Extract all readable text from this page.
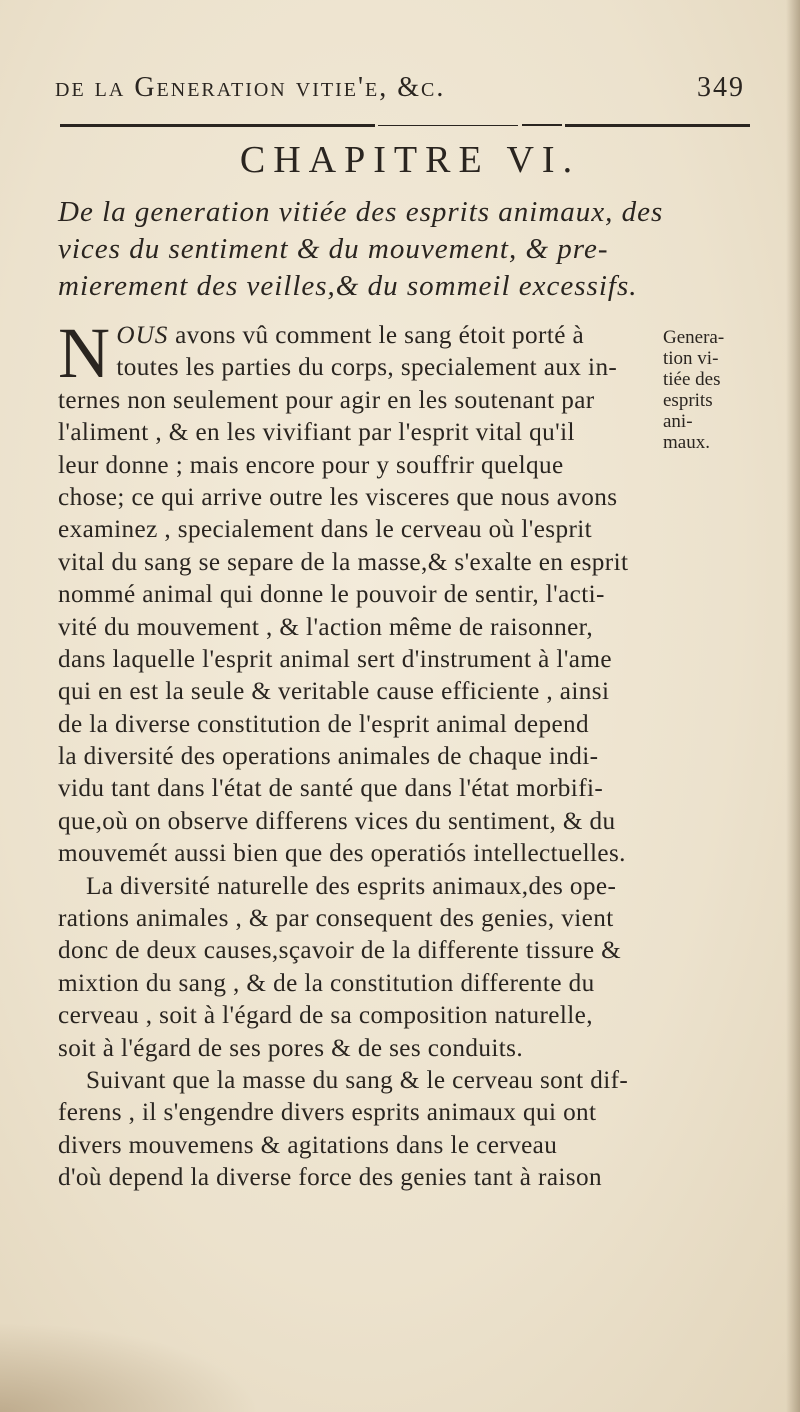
de la Generation vitie'e, &c.	349
CHAPITRE VI.
De la generation vitiée des esprits animaux, des
vices du sentiment & du mouvement, & pre-
mierement des veilles,& du sommeil excessifs.
N OUS avons vû comment le sang étoit porté à
toutes les parties du corps, specialement aux in-
ternes non seulement pour agir en les soutenant par
l'aliment , & en les vivifiant par l'esprit vital qu'il
leur donne ; mais encore pour y souffrir quelque
chose; ce qui arrive outre les visceres que nous avons
examinez , specialement dans le cerveau où l'esprit
vital du sang se separe de la masse,& s'exalte en esprit
nommé animal qui donne le pouvoir de sentir, l'acti-
vité du mouvement , & l'action même de raisonner,
dans laquelle l'esprit animal sert d'instrument à l'ame
qui en est la seule & veritable cause efficiente , ainsi
de la diverse constitution de l'esprit animal depend
la diversité des operations animales de chaque indi-
vidu tant dans l'état de santé que dans l'état morbifi-
que,où on observe differens vices du sentiment, & du
mouvemét aussi bien que des operatiós intellectuelles.
La diversité naturelle des esprits animaux,des ope-
rations animales , & par consequent des genies, vient
donc de deux causes,sçavoir de la differente tissure &
mixtion du sang , & de la constitution differente du
cerveau , soit à l'égard de sa composition naturelle,
soit à l'égard de ses pores & de ses conduits.
Suivant que la masse du sang & le cerveau sont dif-
ferens , il s'engendre divers esprits animaux qui ont
divers mouvemens & agitations dans le cerveau
d'où depend la diverse force des genies tant à raison
Genera-
tion vi-
tiée des
esprits
ani-
maux.
